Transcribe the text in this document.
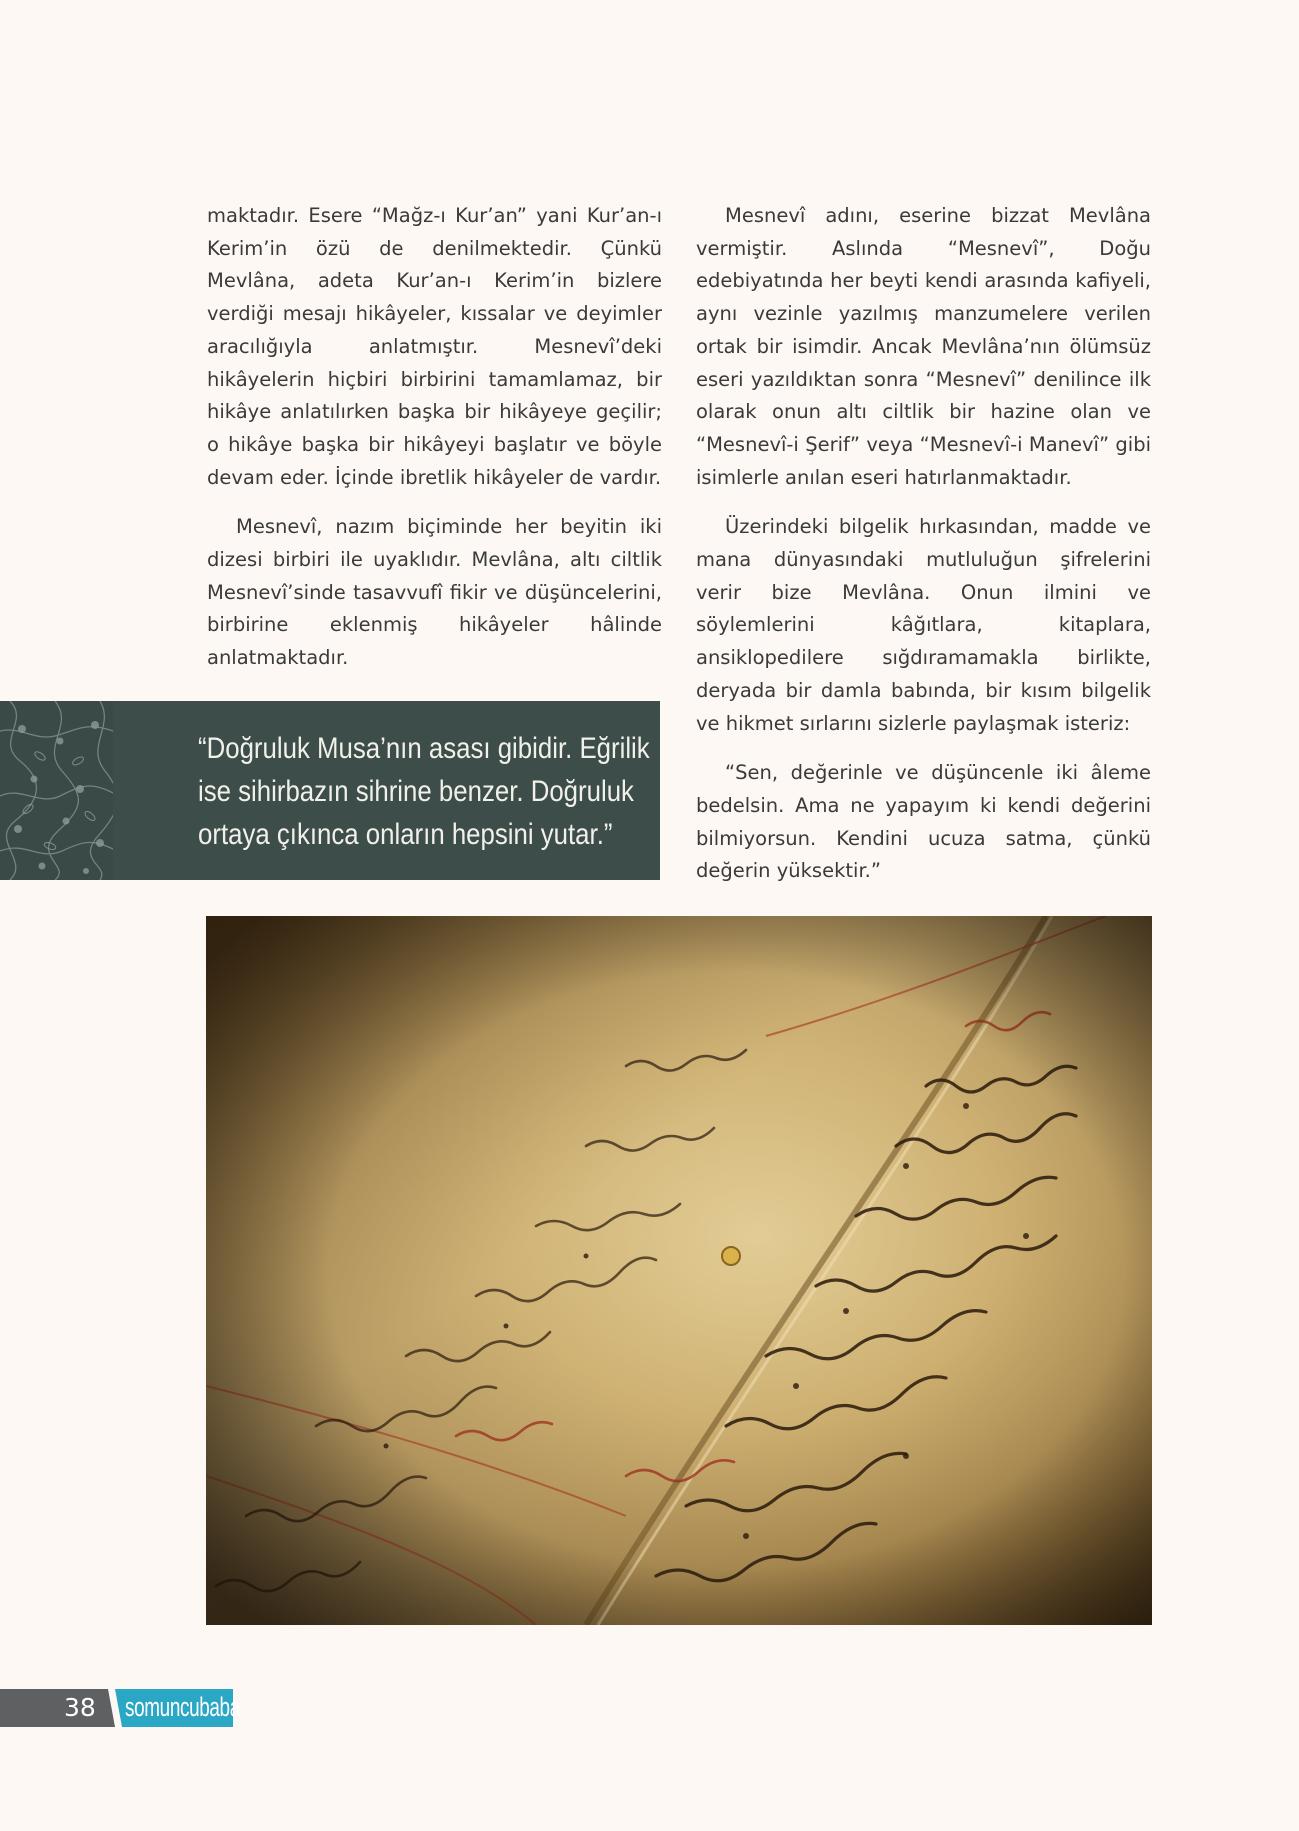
maktadır. Esere “Mağz-ı Kur’an” yani Kur’an-ı Kerim’in özü de denilmektedir. Çünkü Mevlâna, adeta Kur’an-ı Kerim’in bizlere verdiği mesajı hikâyeler, kıssalar ve deyimler aracılığıyla anlatmıştır. Mesnevî’deki hikâyelerin hiçbiri birbirini tamamlamaz, bir hikâye anlatılırken başka bir hikâyeye geçilir; o hikâye başka bir hikâyeyi başlatır ve böyle devam eder. İçinde ibretlik hikâyeler de vardır.

Mesnevî, nazım biçiminde her beyitin iki dizesi birbiri ile uyaklıdır. Mevlâna, altı ciltlik Mesnevî’sinde tasavvufî fikir ve düşüncelerini, birbirine eklenmiş hikâyeler hâlinde anlatmaktadır.

Mesnevî adını, eserine bizzat Mevlâna vermiştir. Aslında “Mesnevî”, Doğu edebiyatında her beyti kendi arasında kafiyeli, aynı vezinle yazılmış manzumelere verilen ortak bir isimdir. Ancak Mevlâna’nın ölümsüz eseri yazıldıktan sonra “Mesnevî” denilince ilk olarak onun altı ciltlik bir hazine olan ve “Mesnevî-i Şerif” veya “Mesnevî-i Manevî” gibi isimlerle anılan eseri hatırlanmaktadır.

Üzerindeki bilgelik hırkasından, madde ve mana dünyasındaki mutluluğun şifrelerini verir bize Mevlâna. Onun ilmini ve söylemlerini kâğıtlara, kitaplara, ansiklopedilere sığdıramamakla birlikte, deryada bir damla babında, bir kısım bilgelik ve hikmet sırlarını sizlerle paylaşmak isteriz:

“Sen, değerinle ve düşüncenle iki âleme bedelsin. Ama ne yapayım ki kendi değerini bilmiyorsun. Kendini ucuza satma, çünkü değerin yüksektir.”

“Doğruluk Musa’nın asası gibidir. Eğrilik
ise sihirbazın sihrine benzer. Doğruluk
ortaya çıkınca onların hepsini yutar.”
38 somuncubaba
